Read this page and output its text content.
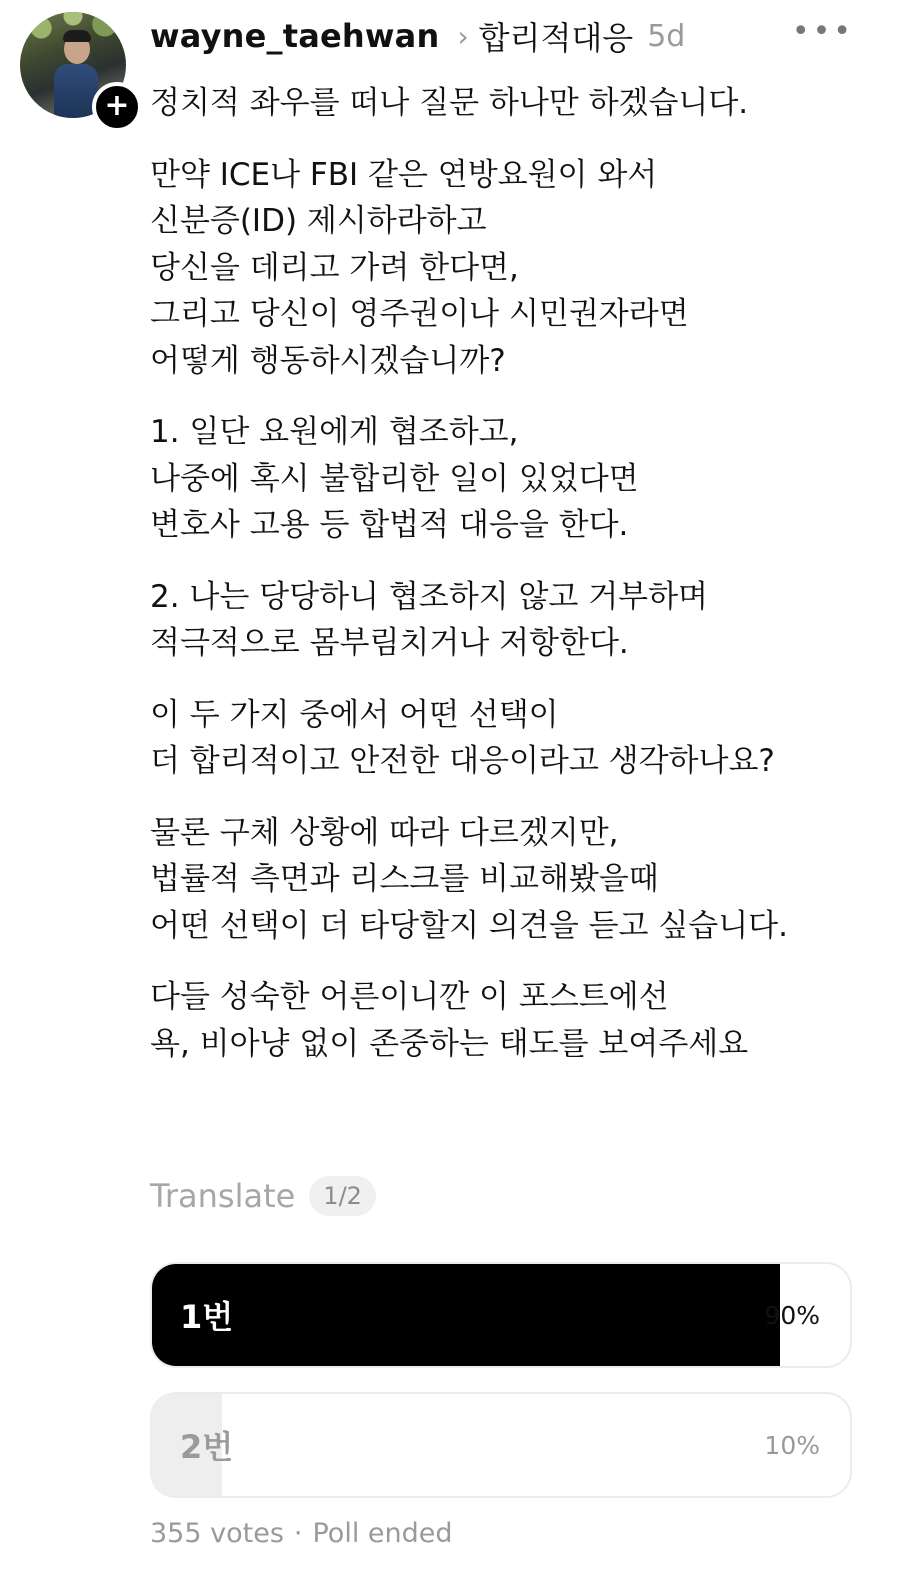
+
wayne_taehwan › 합리적대응 5d	•••
정치적 좌우를 떠나 질문 하나만 하겠습니다.
만약 ICE나 FBI 같은 연방요원이 와서
신분증(ID) 제시하라하고
당신을 데리고 가려 한다면,
그리고 당신이 영주권이나 시민권자라면
어떻게 행동하시겠습니까?
1. 일단 요원에게 협조하고,
나중에 혹시 불합리한 일이 있었다면
변호사 고용 등 합법적 대응을 한다.
2. 나는 당당하니 협조하지 않고 거부하며
적극적으로 몸부림치거나 저항한다.
이 두 가지 중에서 어떤 선택이
더 합리적이고 안전한 대응이라고 생각하나요?
물론 구체 상황에 따라 다르겠지만,
법률적 측면과 리스크를 비교해봤을때
어떤 선택이 더 타당할지 의견을 듣고 싶습니다.
다들 성숙한 어른이니깐 이 포스트에선
욕, 비아냥 없이 존중하는 태도를 보여주세요
Translate	1/2
1번	90%
2번	10%
355 votes · Poll ended
